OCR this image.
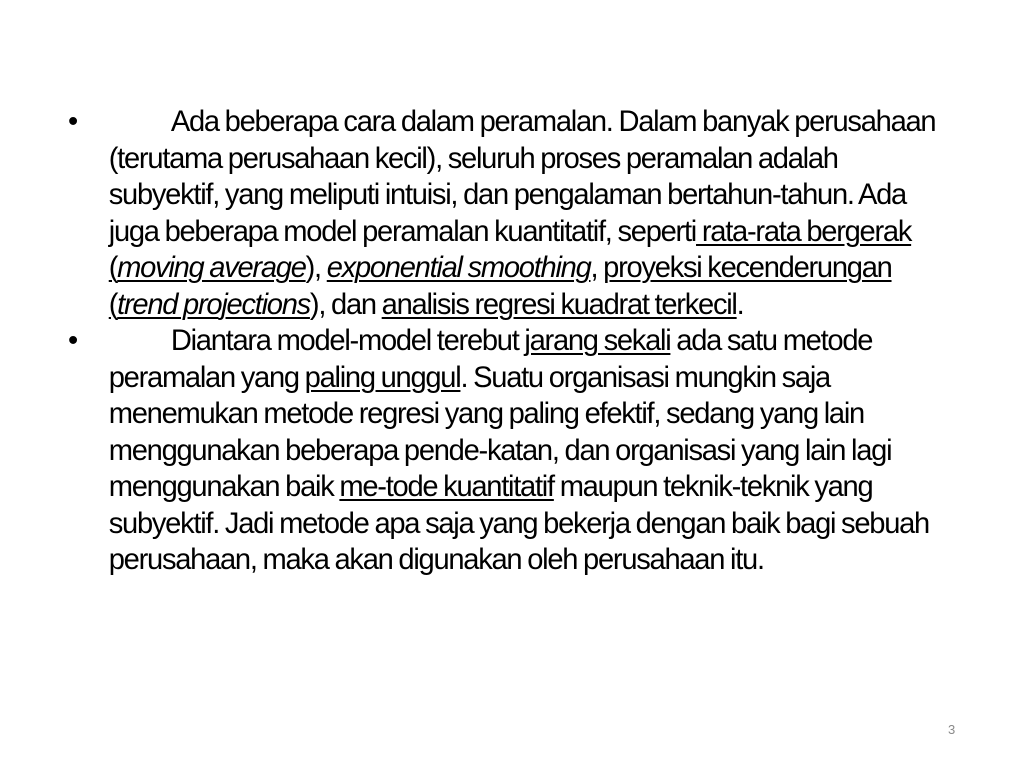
•	Ada beberapa cara dalam peramalan. Dalam banyak perusahaan (terutama perusahaan kecil), seluruh proses peramalan adalah subyektif, yang meliputi intuisi, dan pengalaman bertahun-tahun. Ada juga beberapa model peramalan kuantitatif, seperti rata-rata bergerak (moving average), exponential smoothing, proyeksi kecenderungan (trend projections), dan analisis regresi kuadrat terkecil.
•	Diantara model-model terebut jarang sekali ada satu metode peramalan yang paling unggul. Suatu organisasi mungkin saja menemukan metode regresi yang paling efektif, sedang yang lain menggunakan beberapa pende-katan, dan organisasi yang lain lagi menggunakan baik me-tode kuantitatif maupun teknik-teknik yang subyektif. Jadi metode apa saja yang bekerja dengan baik bagi sebuah perusahaan, maka akan digunakan oleh perusahaan itu.
3
